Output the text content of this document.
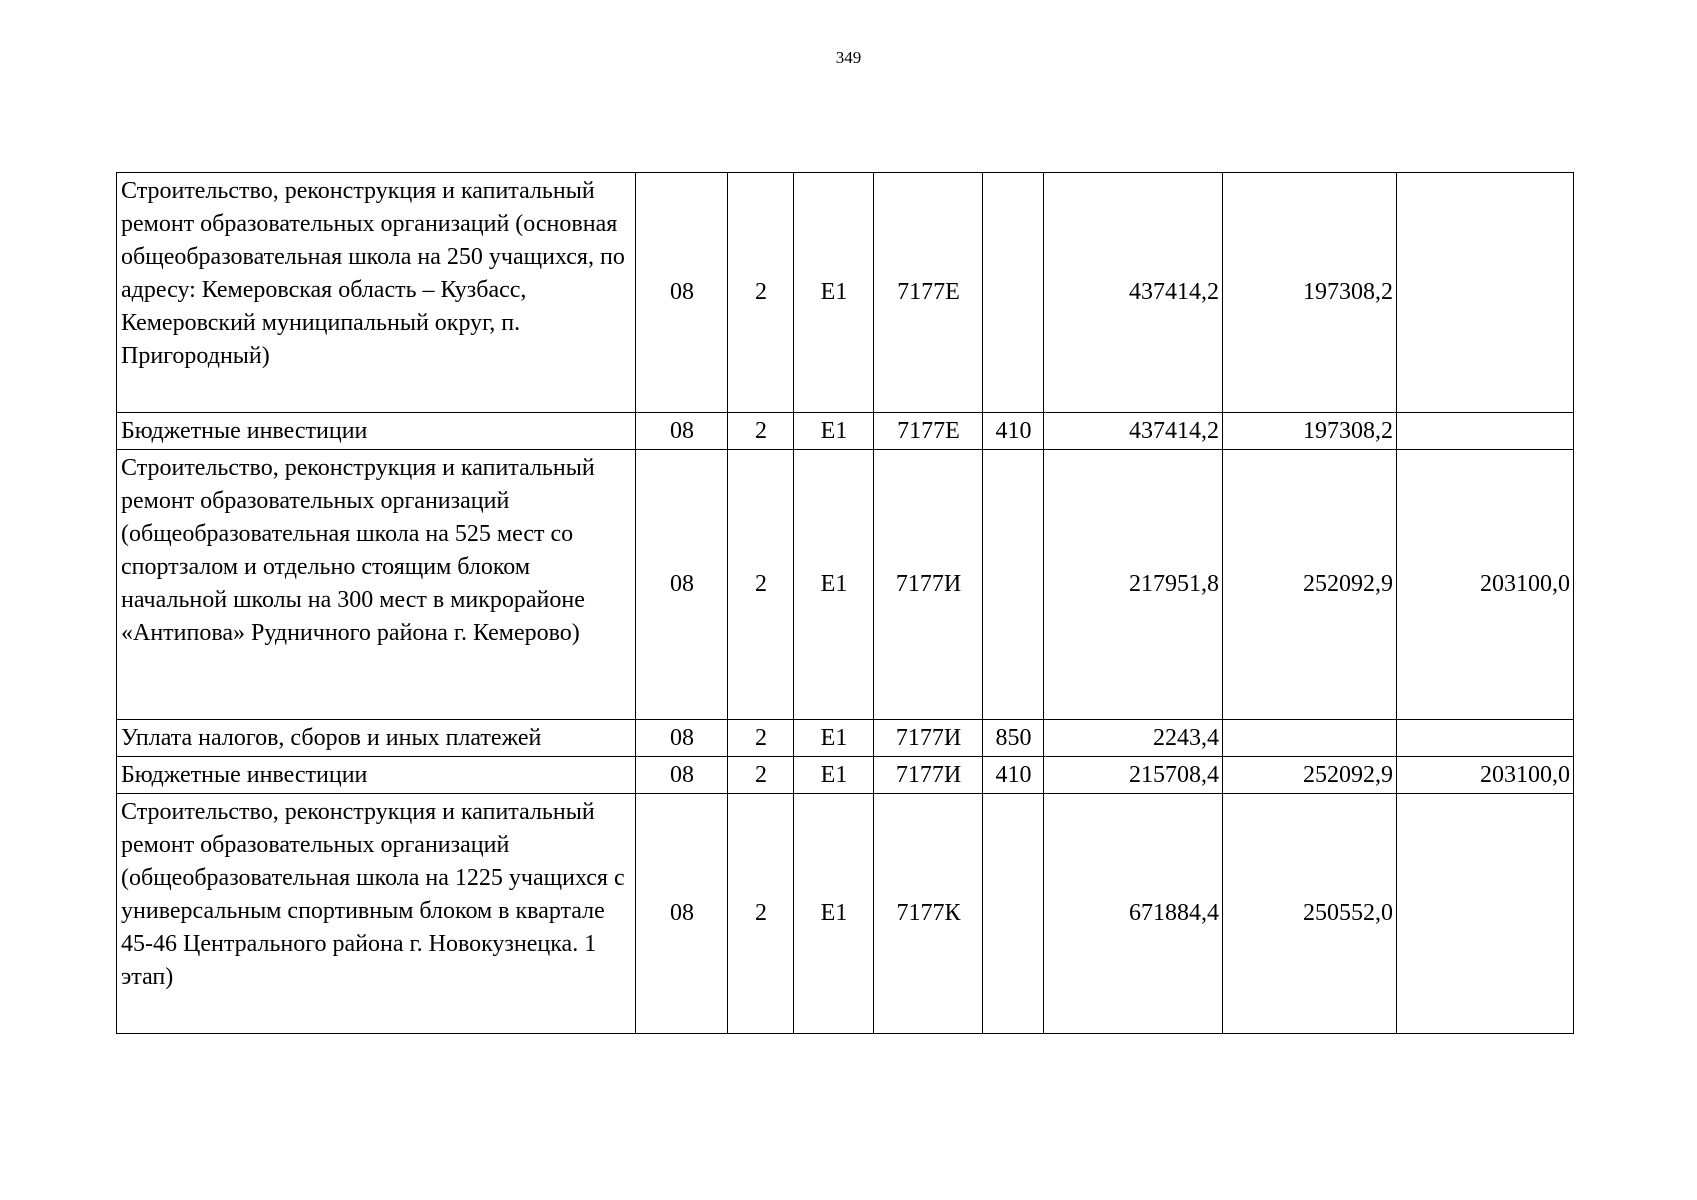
349
Строительство, реконструкция и капитальный ремонт образовательных организаций (основная общеобразовательная школа на 250 учащихся, по адресу: Кемеровская область – Кузбасс, Кемеровский муниципальный округ, п. Пригородный)	08	2	Е1	7177Е		437414,2	197308,2	
Бюджетные инвестиции	08	2	Е1	7177Е	410	437414,2	197308,2	
Строительство, реконструкция и капитальный ремонт образовательных организаций (общеобразовательная школа на 525 мест со спортзалом и отдельно стоящим блоком начальной школы на 300 мест в микрорайоне «Антипова» Рудничного района г. Кемерово)	08	2	Е1	7177И		217951,8	252092,9	203100,0
Уплата налогов, сборов и иных платежей	08	2	Е1	7177И	850	2243,4		
Бюджетные инвестиции	08	2	Е1	7177И	410	215708,4	252092,9	203100,0
Строительство, реконструкция и капитальный ремонт образовательных организаций (общеобразовательная школа на 1225 учащихся с универсальным спортивным блоком в квартале 45-46 Центрального района г. Новокузнецка. 1 этап)	08	2	Е1	7177К		671884,4	250552,0	
